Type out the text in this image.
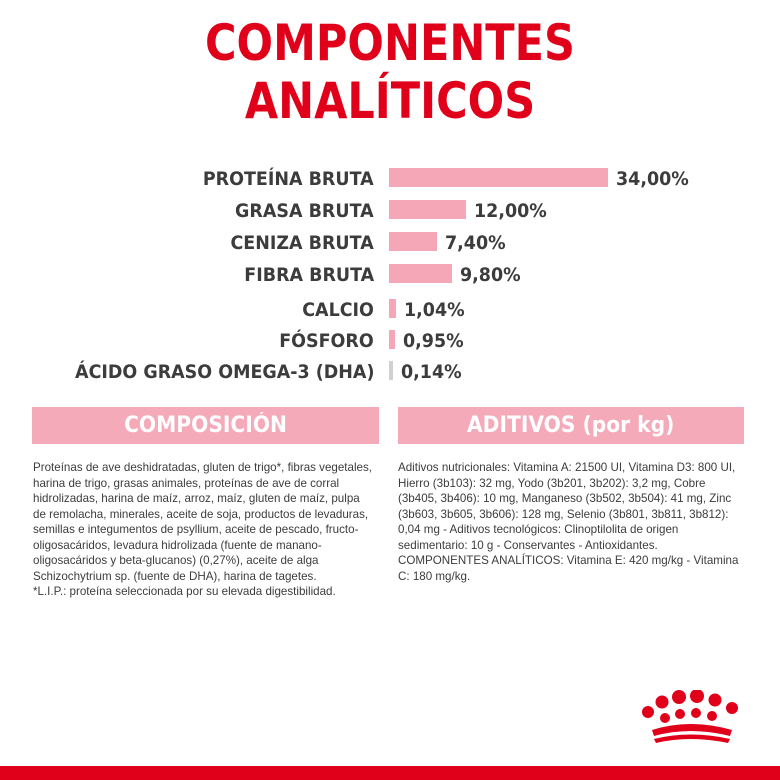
COMPONENTES ANALÍTICOS
PROTEÍNA BRUTA	34,00%
GRASA BRUTA	12,00%
CENIZA BRUTA	7,40%
FIBRA BRUTA	9,80%
CALCIO 1,04%
FÓSFORO 0,95%
ÁCIDO GRASO OMEGA-3 (DHA) 0,14%
COMPOSICIÓN	ADITIVOS (por kg)

Proteínas de ave deshidratadas, gluten de trigo*, fibras vegetales, harina de trigo, grasas animales, proteínas de ave de corral hidrolizadas, harina de maíz, arroz, maíz, gluten de maíz, pulpa de remolacha, minerales, aceite de soja, productos de levaduras, semillas e integumentos de psyllium, aceite de pescado, fructo-oligosacáridos, levadura hidrolizada (fuente de manano-oligosacáridos y beta-glucanos) (0,27%), aceite de alga Schizochytrium sp. (fuente de DHA), harina de tagetes.

*L.I.P.: proteína seleccionada por su elevada digestibilidad.

Aditivos nutricionales: Vitamina A: 21500 UI, Vitamina D3: 800 UI, Hierro (3b103): 32 mg, Yodo (3b201, 3b202): 3,2 mg, Cobre (3b405, 3b406): 10 mg, Manganeso (3b502, 3b504): 41 mg, Zinc (3b603, 3b605, 3b606): 128 mg, Selenio (3b801, 3b811, 3b812): 0,04 mg - Aditivos tecnológicos: Clinoptilolita de origen sedimentario: 10 g - Conservantes - Antioxidantes.

COMPONENTES ANALÍTICOS: Vitamina E: 420 mg/kg - Vitamina C: 180 mg/kg.
